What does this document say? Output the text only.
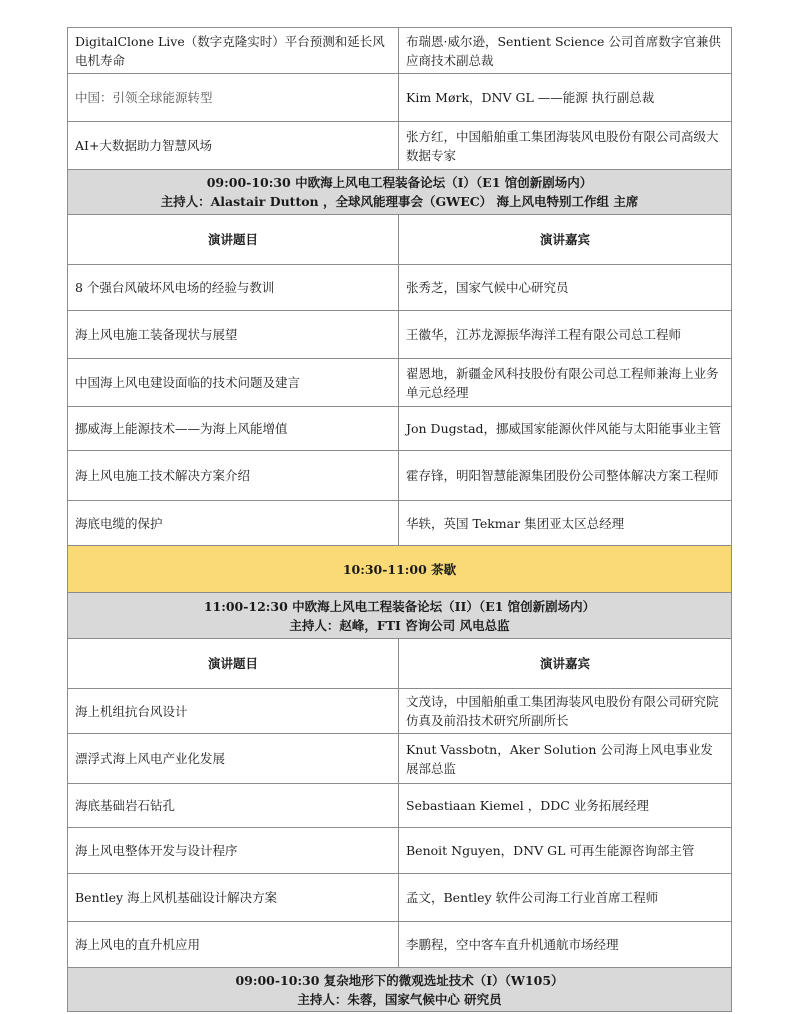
DigitalClone Live（数字克隆实时）平台预测和延长风电机寿命	布瑞恩·威尔逊，Sentient Science 公司首席数字官兼供应商技术副总裁
中国：引领全球能源转型	Kim Mørk，DNV GL ——能源 执行副总裁
AI+大数据助力智慧风场	张方红，中国船舶重工集团海装风电股份有限公司高级大数据专家

09:00-10:30 中欧海上风电工程装备论坛（I）（E1 馆创新剧场内）
主持人：Alastair Dutton ，全球风能理事会（GWEC） 海上风电特别工作组 主席	

演讲题目	演讲嘉宾
8 个强台风破坏风电场的经验与教训	张秀芝，国家气候中心研究员
海上风电施工装备现状与展望	王徽华，江苏龙源振华海洋工程有限公司总工程师
中国海上风电建设面临的技术问题及建言	翟恩地，新疆金风科技股份有限公司总工程师兼海上业务单元总经理
挪威海上能源技术——为海上风能增值	Jon Dugstad，挪威国家能源伙伴风能与太阳能事业主管
海上风电施工技术解决方案介绍	霍存锋，明阳智慧能源集团股份公司整体解决方案工程师
海底电缆的保护	华轶，英国 Tekmar 集团亚太区总经理
10:30-11:00 茶歇	

11:00-12:30 中欧海上风电工程装备论坛（II）（E1 馆创新剧场内）
主持人：赵峰，FTI 咨询公司 风电总监	

演讲题目	演讲嘉宾
海上机组抗台风设计	文茂诗，中国船舶重工集团海装风电股份有限公司研究院仿真及前沿技术研究所副所长
漂浮式海上风电产业化发展	Knut Vassbotn，Aker Solution 公司海上风电事业发展部总监
海底基础岩石钻孔	Sebastiaan Kiemel ，DDC 业务拓展经理
海上风电整体开发与设计程序	Benoit Nguyen，DNV GL 可再生能源咨询部主管
Bentley 海上风机基础设计解决方案	孟文，Bentley 软件公司海工行业首席工程师
海上风电的直升机应用	李鹏程，空中客车直升机通航市场经理

09:00-10:30 复杂地形下的微观选址技术（I）（W105）
主持人：朱蓉，国家气候中心 研究员	
